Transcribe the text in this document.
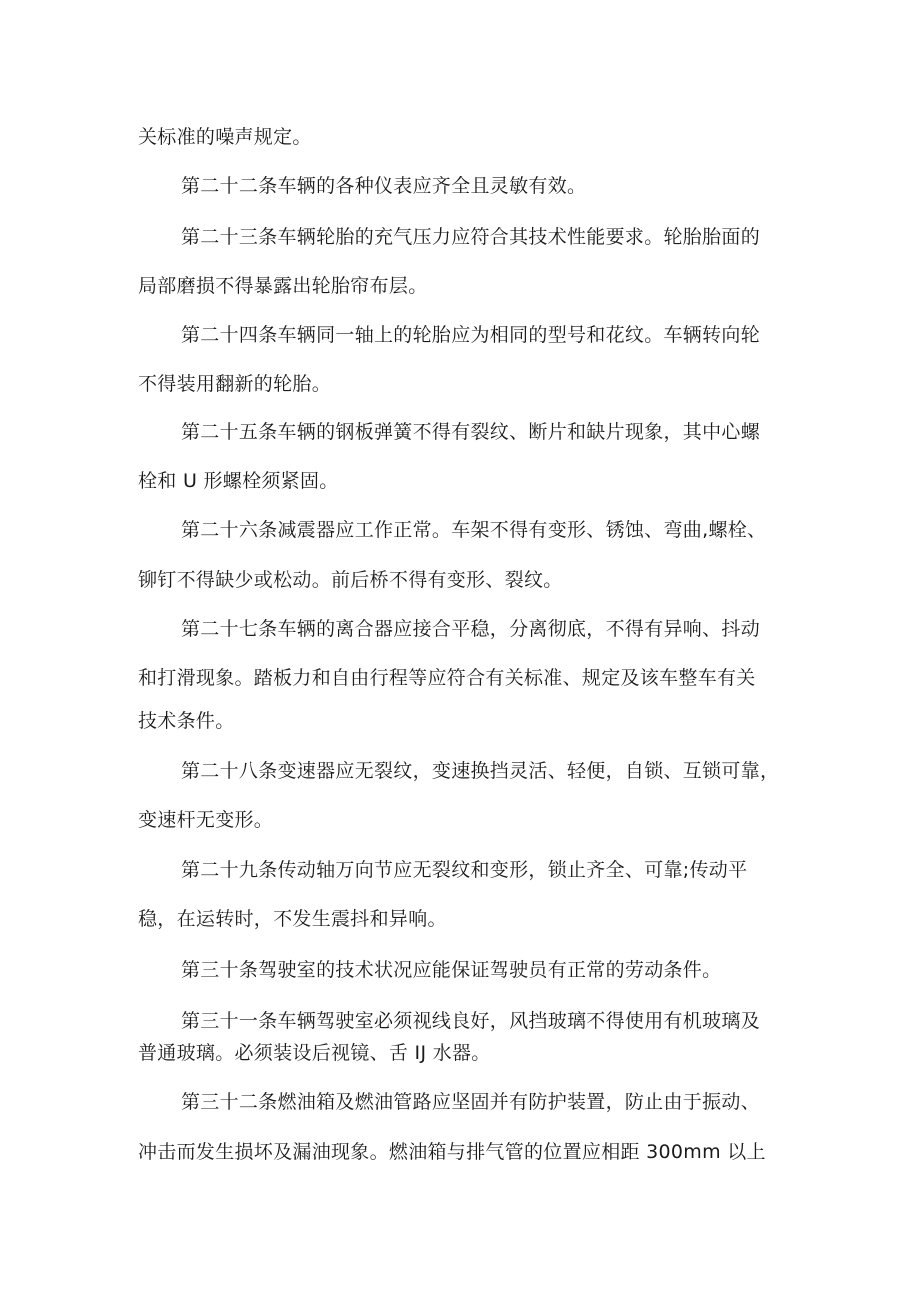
关标准的噪声规定。
第二十二条车辆的各种仪表应齐全且灵敏有效。
第二十三条车辆轮胎的充气压力应符合其技术性能要求。轮胎胎面的
局部磨损不得暴露出轮胎帘布层。
第二十四条车辆同一轴上的轮胎应为相同的型号和花纹。车辆转向轮
不得装用翻新的轮胎。
第二十五条车辆的钢板弹簧不得有裂纹、断片和缺片现象，其中心螺
栓和 U 形螺栓须紧固。
第二十六条减震器应工作正常。车架不得有变形、锈蚀、弯曲,螺栓、
铆钉不得缺少或松动。前后桥不得有变形、裂纹。
第二十七条车辆的离合器应接合平稳，分离彻底，不得有异响、抖动
和打滑现象。踏板力和自由行程等应符合有关标准、规定及该车整车有关
技术条件。
第二十八条变速器应无裂纹，变速换挡灵活、轻便，自锁、互锁可靠，
变速杆无变形。
第二十九条传动轴万向节应无裂纹和变形，锁止齐全、可靠;传动平
稳，在运转时，不发生震抖和异响。
第三十条驾驶室的技术状况应能保证驾驶员有正常的劳动条件。
第三十一条车辆驾驶室必须视线良好，风挡玻璃不得使用有机玻璃及
普通玻璃。必须装设后视镜、舌 IJ 水器。
第三十二条燃油箱及燃油管路应坚固并有防护装置，防止由于振动、
冲击而发生损坏及漏油现象。燃油箱与排气管的位置应相距 300mm 以上
